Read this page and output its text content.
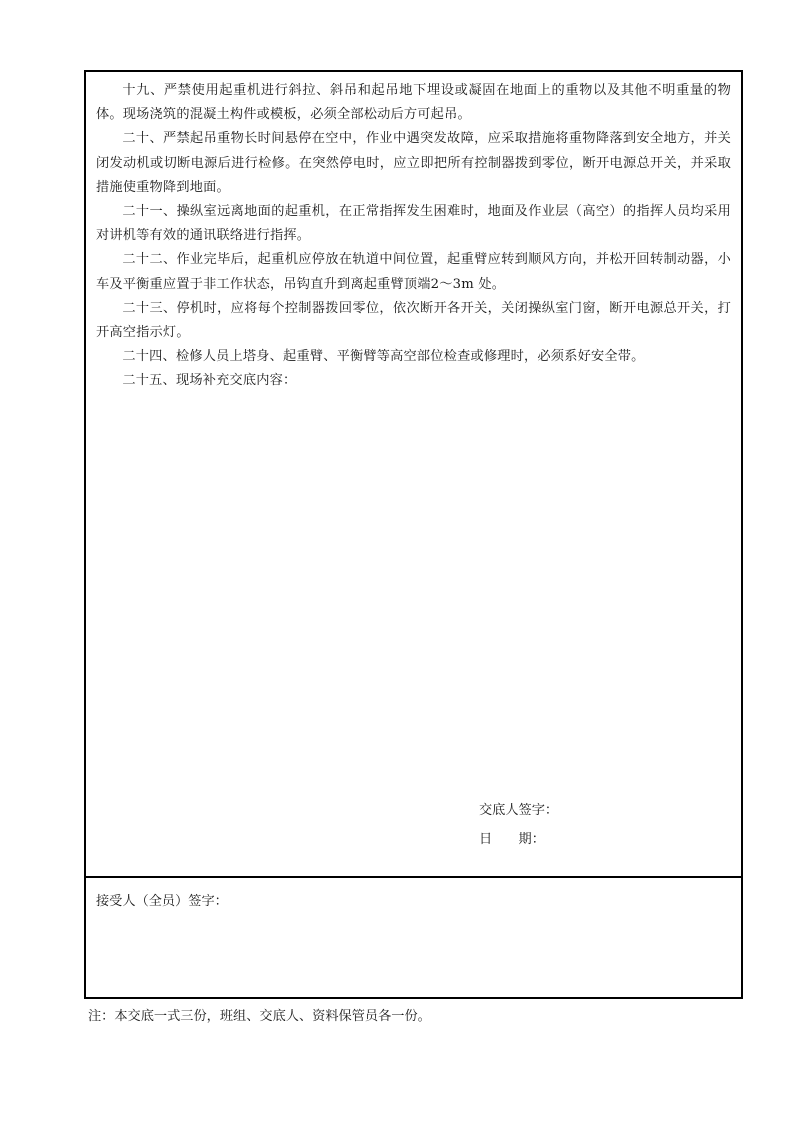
十九、严禁使用起重机进行斜拉、斜吊和起吊地下埋设或凝固在地面上的重物以及其他不明重量的物体。现场浇筑的混凝土构件或模板，必须全部松动后方可起吊。

二十、严禁起吊重物长时间悬停在空中，作业中遇突发故障，应采取措施将重物降落到安全地方，并关闭发动机或切断电源后进行检修。在突然停电时，应立即把所有控制器拨到零位，断开电源总开关，并采取措施使重物降到地面。

二十一、操纵室远离地面的起重机，在正常指挥发生困难时，地面及作业层（高空）的指挥人员均采用对讲机等有效的通讯联络进行指挥。

二十二、作业完毕后，起重机应停放在轨道中间位置，起重臂应转到顺风方向，并松开回转制动器，小车及平衡重应置于非工作状态，吊钩直升到离起重臂顶端2～3m 处。

二十三、停机时，应将每个控制器拨回零位，依次断开各开关，关闭操纵室门窗，断开电源总开关，打开高空指示灯。

二十四、检修人员上塔身、起重臂、平衡臂等高空部位检查或修理时，必须系好安全带。

二十五、现场补充交底内容：

交底人签字：
日　　期：
接受人（全员）签字：
注：本交底一式三份，班组、交底人、资料保管员各一份。
